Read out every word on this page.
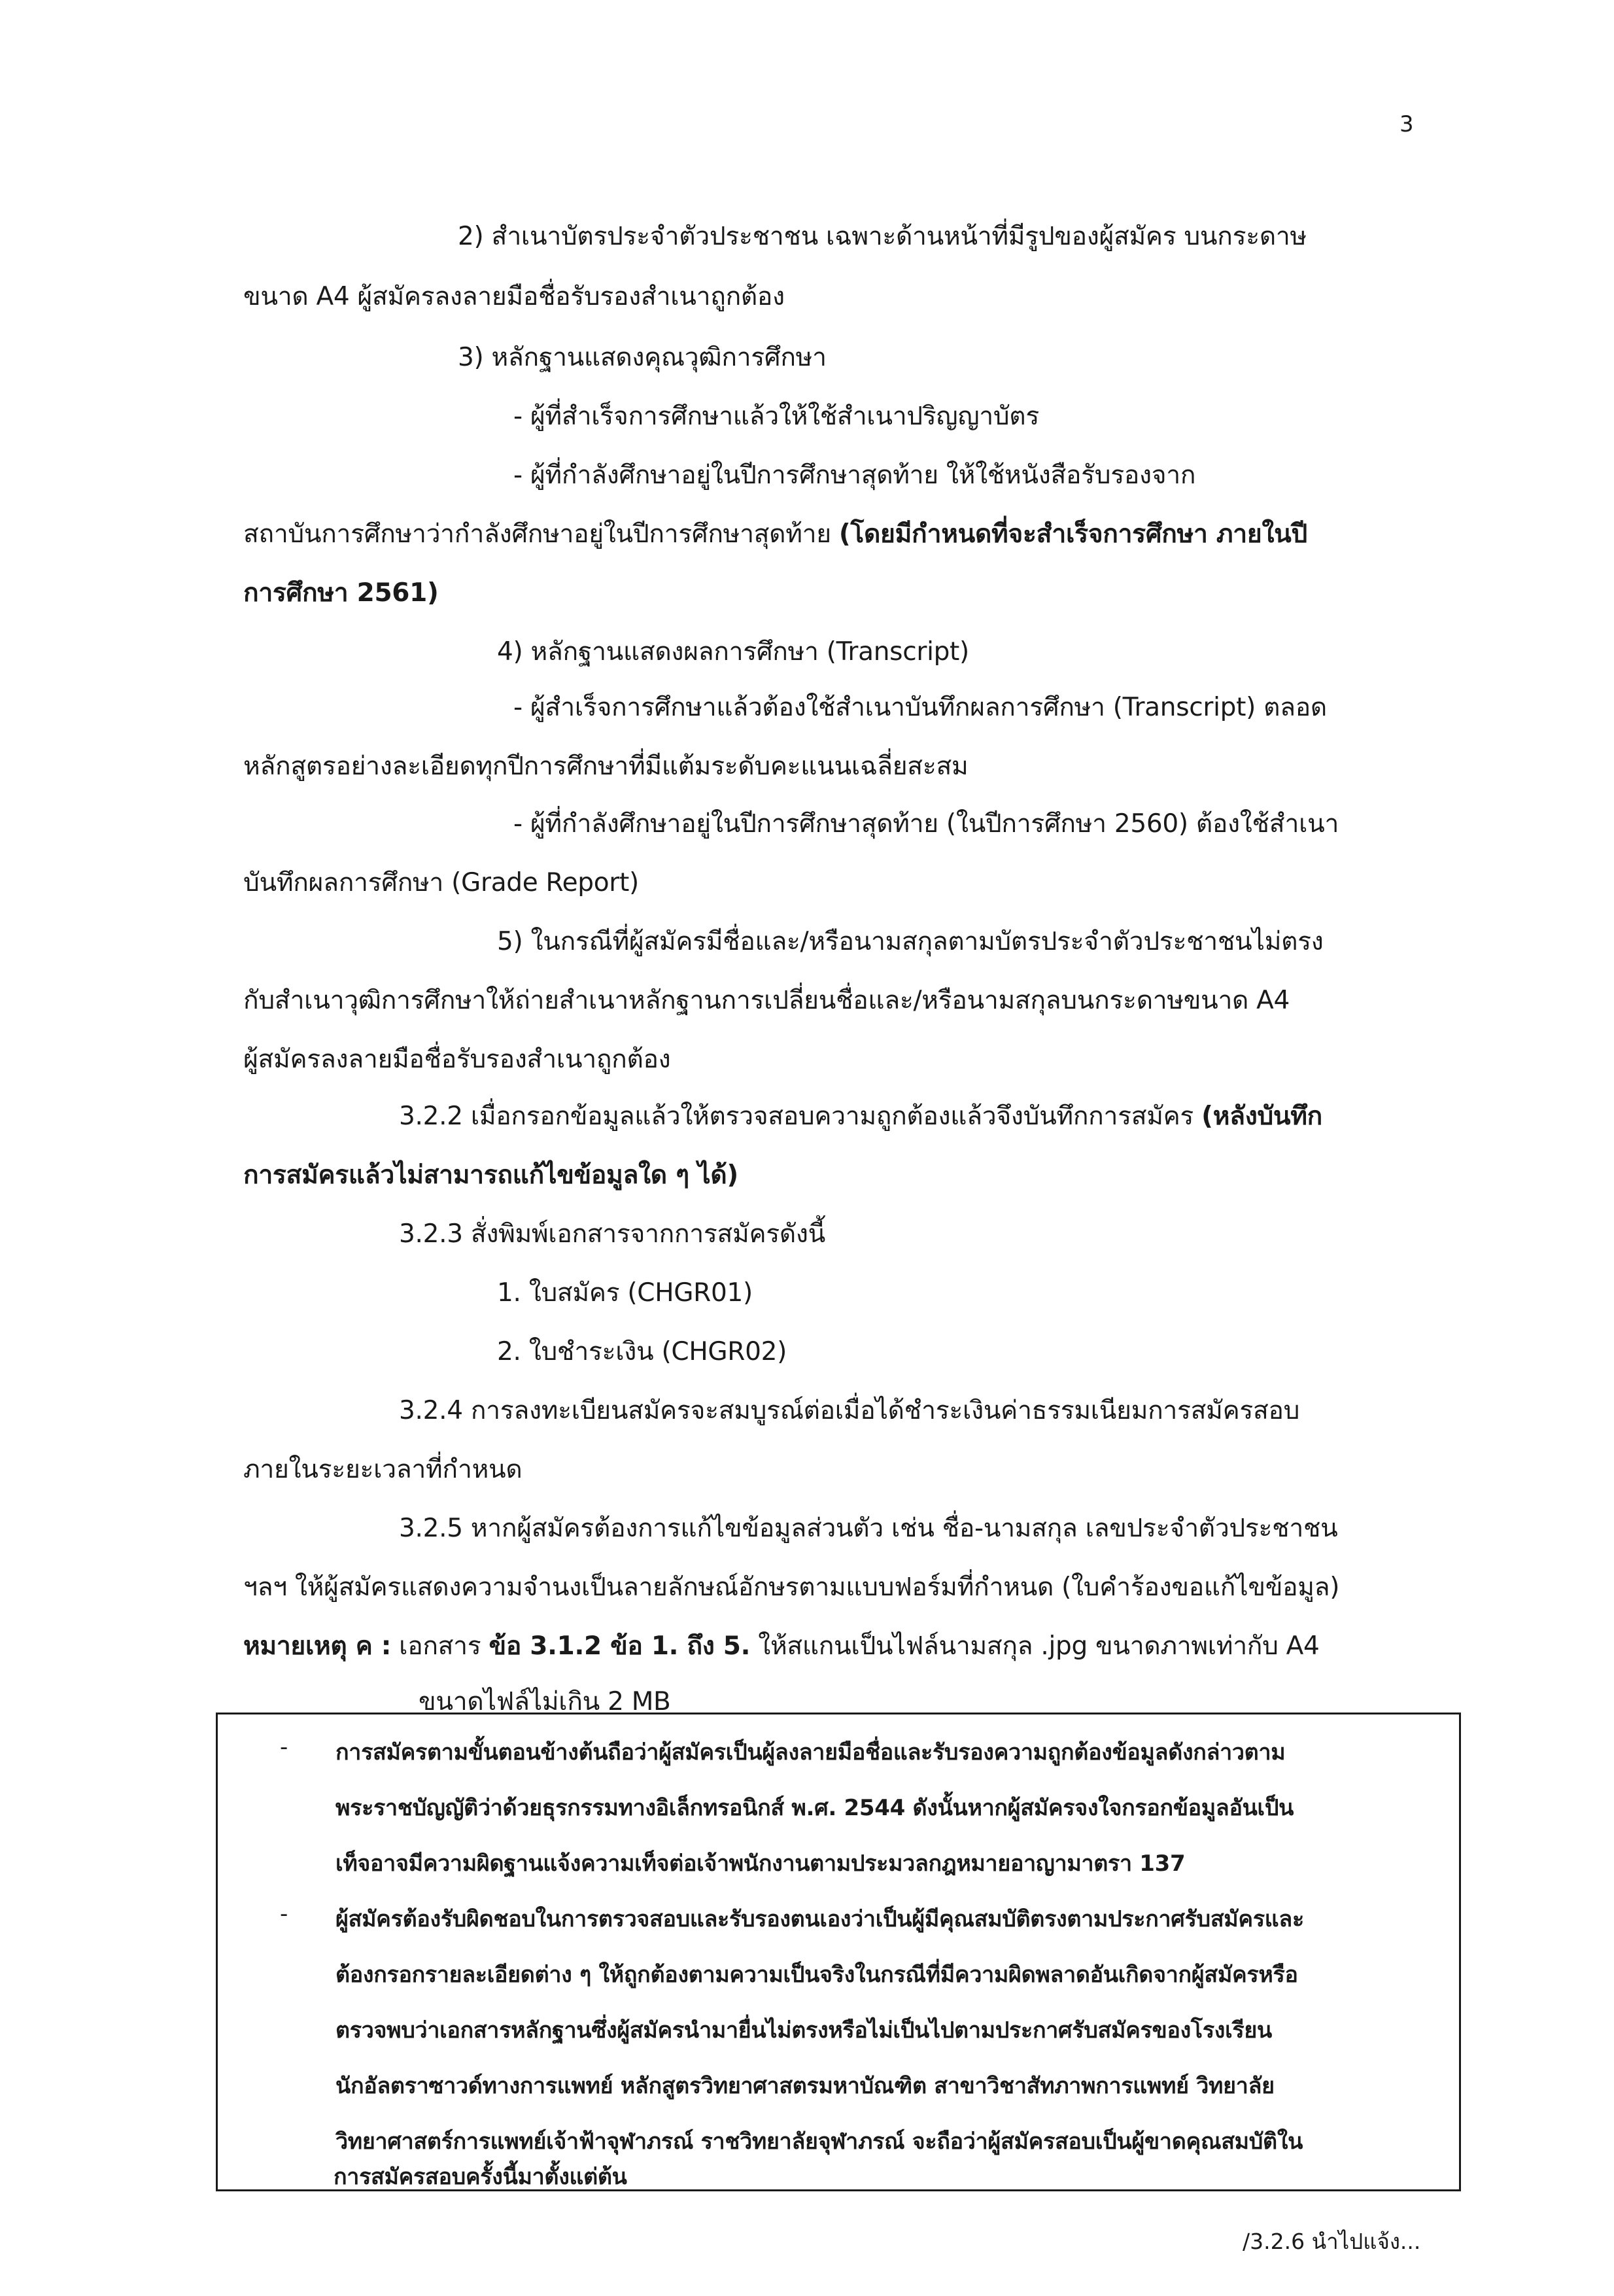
3
2) สำเนาบัตรประจำตัวประชาชน เฉพาะด้านหน้าที่มีรูปของผู้สมัคร บนกระดาษ
ขนาด A4 ผู้สมัครลงลายมือชื่อรับรองสำเนาถูกต้อง
3) หลักฐานแสดงคุณวุฒิการศึกษา
- ผู้ที่สำเร็จการศึกษาแล้วให้ใช้สำเนาปริญญาบัตร
- ผู้ที่กำลังศึกษาอยู่ในปีการศึกษาสุดท้าย ให้ใช้หนังสือรับรองจาก
สถาบันการศึกษาว่ากำลังศึกษาอยู่ในปีการศึกษาสุดท้าย (โดยมีกำหนดที่จะสำเร็จการศึกษา ภายในปี
การศึกษา 2561)
4) หลักฐานแสดงผลการศึกษา (Transcript)
- ผู้สำเร็จการศึกษาแล้วต้องใช้สำเนาบันทึกผลการศึกษา (Transcript) ตลอด
หลักสูตรอย่างละเอียดทุกปีการศึกษาที่มีแต้มระดับคะแนนเฉลี่ยสะสม
- ผู้ที่กำลังศึกษาอยู่ในปีการศึกษาสุดท้าย (ในปีการศึกษา 2560) ต้องใช้สำเนา
บันทึกผลการศึกษา (Grade Report)
5) ในกรณีที่ผู้สมัครมีชื่อและ/หรือนามสกุลตามบัตรประจำตัวประชาชนไม่ตรง
กับสำเนาวุฒิการศึกษาให้ถ่ายสำเนาหลักฐานการเปลี่ยนชื่อและ/หรือนามสกุลบนกระดาษขนาด A4
ผู้สมัครลงลายมือชื่อรับรองสำเนาถูกต้อง
3.2.2 เมื่อกรอกข้อมูลแล้วให้ตรวจสอบความถูกต้องแล้วจึงบันทึกการสมัคร (หลังบันทึก
การสมัครแล้วไม่สามารถแก้ไขข้อมูลใด ๆ ได้)
3.2.3 สั่งพิมพ์เอกสารจากการสมัครดังนี้
1. ใบสมัคร (CHGR01)
2. ใบชำระเงิน (CHGR02)
3.2.4 การลงทะเบียนสมัครจะสมบูรณ์ต่อเมื่อได้ชำระเงินค่าธรรมเนียมการสมัครสอบ
ภายในระยะเวลาที่กำหนด
3.2.5 หากผู้สมัครต้องการแก้ไขข้อมูลส่วนตัว เช่น ชื่อ-นามสกุล เลขประจำตัวประชาชน
ฯลฯ ให้ผู้สมัครแสดงความจำนงเป็นลายลักษณ์อักษรตามแบบฟอร์มที่กำหนด (ใบคำร้องขอแก้ไขข้อมูล)
หมายเหตุ ค : เอกสาร ข้อ 3.1.2 ข้อ 1. ถึง 5. ให้สแกนเป็นไฟล์นามสกุล .jpg ขนาดภาพเท่ากับ A4
ขนาดไฟล์ไม่เกิน 2 MB
- การสมัครตามขั้นตอนข้างต้นถือว่าผู้สมัครเป็นผู้ลงลายมือชื่อและรับรองความถูกต้องข้อมูลดังกล่าวตาม
พระราชบัญญัติว่าด้วยธุรกรรมทางอิเล็กทรอนิกส์ พ.ศ. 2544 ดังนั้นหากผู้สมัครจงใจกรอกข้อมูลอันเป็น
เท็จอาจมีความผิดฐานแจ้งความเท็จต่อเจ้าพนักงานตามประมวลกฎหมายอาญามาตรา 137
- ผู้สมัครต้องรับผิดชอบในการตรวจสอบและรับรองตนเองว่าเป็นผู้มีคุณสมบัติตรงตามประกาศรับสมัครและ
ต้องกรอกรายละเอียดต่าง ๆ ให้ถูกต้องตามความเป็นจริงในกรณีที่มีความผิดพลาดอันเกิดจากผู้สมัครหรือ
ตรวจพบว่าเอกสารหลักฐานซึ่งผู้สมัครนำมายื่นไม่ตรงหรือไม่เป็นไปตามประกาศรับสมัครของโรงเรียน
นักอัลตราซาวด์ทางการแพทย์ หลักสูตรวิทยาศาสตรมหาบัณฑิต สาขาวิชาสัทภาพการแพทย์ วิทยาลัย
วิทยาศาสตร์การแพทย์เจ้าฟ้าจุฬาภรณ์ ราชวิทยาลัยจุฬาภรณ์ จะถือว่าผู้สมัครสอบเป็นผู้ขาดคุณสมบัติใน
การสมัครสอบครั้งนี้มาตั้งแต่ต้น
/3.2.6 นำไปแจ้ง...
